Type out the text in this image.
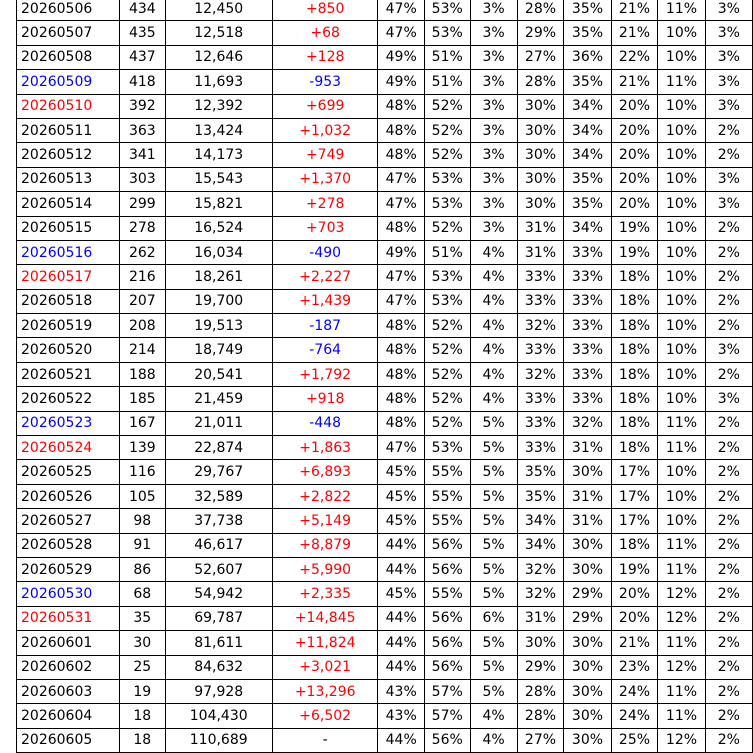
20260506	434	12,450	+850	47%	53%	3%	28%	35%	21%	11%	3%
20260507	435	12,518	+68	47%	53%	3%	29%	35%	21%	10%	3%
20260508	437	12,646	+128	49%	51%	3%	27%	36%	22%	10%	3%
20260509	418	11,693	-953	49%	51%	3%	28%	35%	21%	11%	3%
20260510	392	12,392	+699	48%	52%	3%	30%	34%	20%	10%	3%
20260511	363	13,424	+1,032	48%	52%	3%	30%	34%	20%	10%	2%
20260512	341	14,173	+749	48%	52%	3%	30%	34%	20%	10%	2%
20260513	303	15,543	+1,370	47%	53%	3%	30%	35%	20%	10%	3%
20260514	299	15,821	+278	47%	53%	3%	30%	35%	20%	10%	3%
20260515	278	16,524	+703	48%	52%	3%	31%	34%	19%	10%	2%
20260516	262	16,034	-490	49%	51%	4%	31%	33%	19%	10%	2%
20260517	216	18,261	+2,227	47%	53%	4%	33%	33%	18%	10%	2%
20260518	207	19,700	+1,439	47%	53%	4%	33%	33%	18%	10%	2%
20260519	208	19,513	-187	48%	52%	4%	32%	33%	18%	10%	2%
20260520	214	18,749	-764	48%	52%	4%	33%	33%	18%	10%	3%
20260521	188	20,541	+1,792	48%	52%	4%	32%	33%	18%	10%	2%
20260522	185	21,459	+918	48%	52%	4%	33%	33%	18%	10%	3%
20260523	167	21,011	-448	48%	52%	5%	33%	32%	18%	11%	2%
20260524	139	22,874	+1,863	47%	53%	5%	33%	31%	18%	11%	2%
20260525	116	29,767	+6,893	45%	55%	5%	35%	30%	17%	10%	2%
20260526	105	32,589	+2,822	45%	55%	5%	35%	31%	17%	10%	2%
20260527	98	37,738	+5,149	45%	55%	5%	34%	31%	17%	10%	2%
20260528	91	46,617	+8,879	44%	56%	5%	34%	30%	18%	11%	2%
20260529	86	52,607	+5,990	44%	56%	5%	32%	30%	19%	11%	2%
20260530	68	54,942	+2,335	45%	55%	5%	32%	29%	20%	12%	2%
20260531	35	69,787	+14,845	44%	56%	6%	31%	29%	20%	12%	2%
20260601	30	81,611	+11,824	44%	56%	5%	30%	30%	21%	11%	2%
20260602	25	84,632	+3,021	44%	56%	5%	29%	30%	23%	12%	2%
20260603	19	97,928	+13,296	43%	57%	5%	28%	30%	24%	11%	2%
20260604	18	104,430	+6,502	43%	57%	4%	28%	30%	24%	11%	2%
20260605	18	110,689	-	44%	56%	4%	27%	30%	25%	12%	2%
